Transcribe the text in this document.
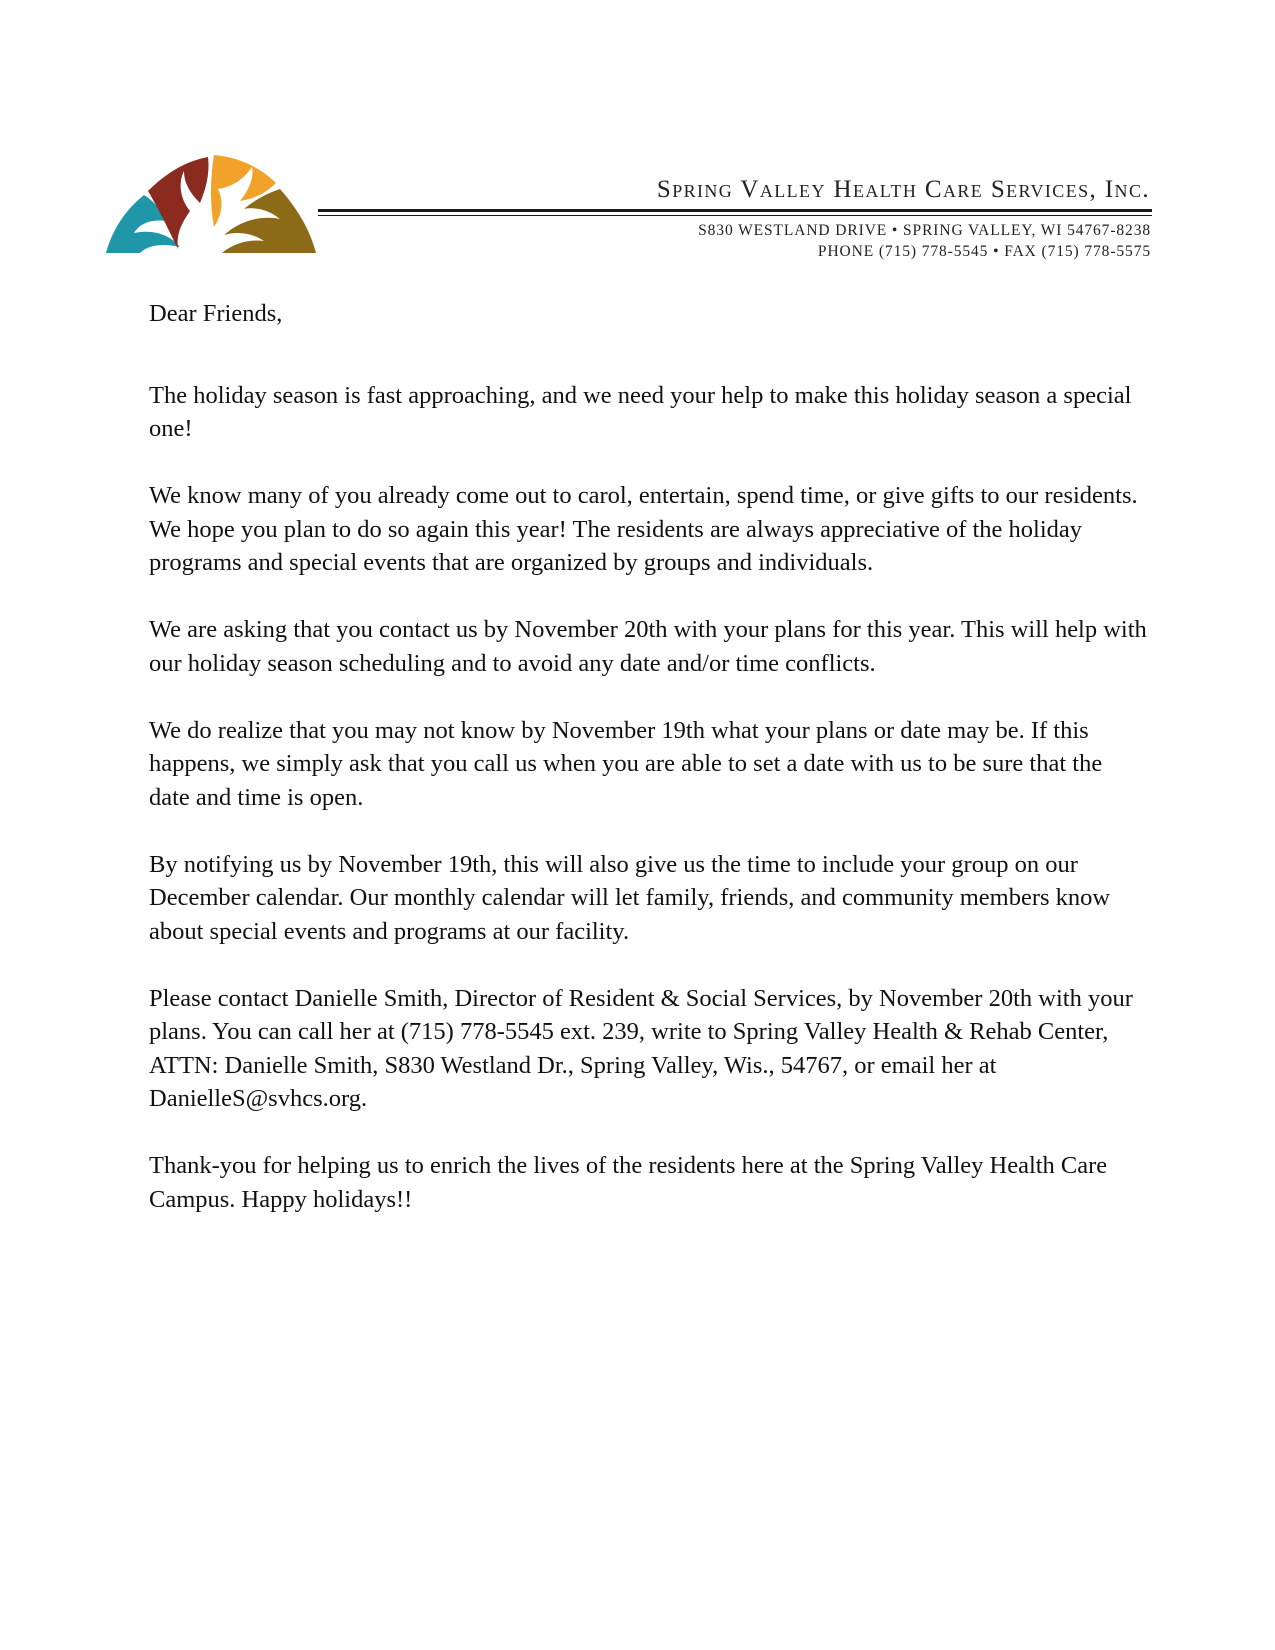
Spring Valley Health Care Services, Inc.
S830 WESTLAND DRIVE • SPRING VALLEY, WI 54767-8238
PHONE (715) 778-5545 • FAX (715) 778-5575

Dear Friends,

The holiday season is fast approaching, and we need your help to make this holiday season a special one!

We know many of you already come out to carol, entertain, spend time, or give gifts to our residents. We hope you plan to do so again this year! The residents are always appreciative of the holiday programs and special events that are organized by groups and individuals.

We are asking that you contact us by November 20th with your plans for this year. This will help with our holiday season scheduling and to avoid any date and/or time conflicts.

We do realize that you may not know by November 19th what your plans or date may be. If this happens, we simply ask that you call us when you are able to set a date with us to be sure that the date and time is open.

By notifying us by November 19th, this will also give us the time to include your group on our December calendar. Our monthly calendar will let family, friends, and community members know about special events and programs at our facility.

Please contact Danielle Smith, Director of Resident & Social Services, by November 20th with your plans. You can call her at (715) 778-5545 ext. 239, write to Spring Valley Health & Rehab Center, ATTN: Danielle Smith, S830 Westland Dr., Spring Valley, Wis., 54767, or email her at DanielleS@svhcs.org.

Thank-you for helping us to enrich the lives of the residents here at the Spring Valley Health Care Campus. Happy holidays!!
